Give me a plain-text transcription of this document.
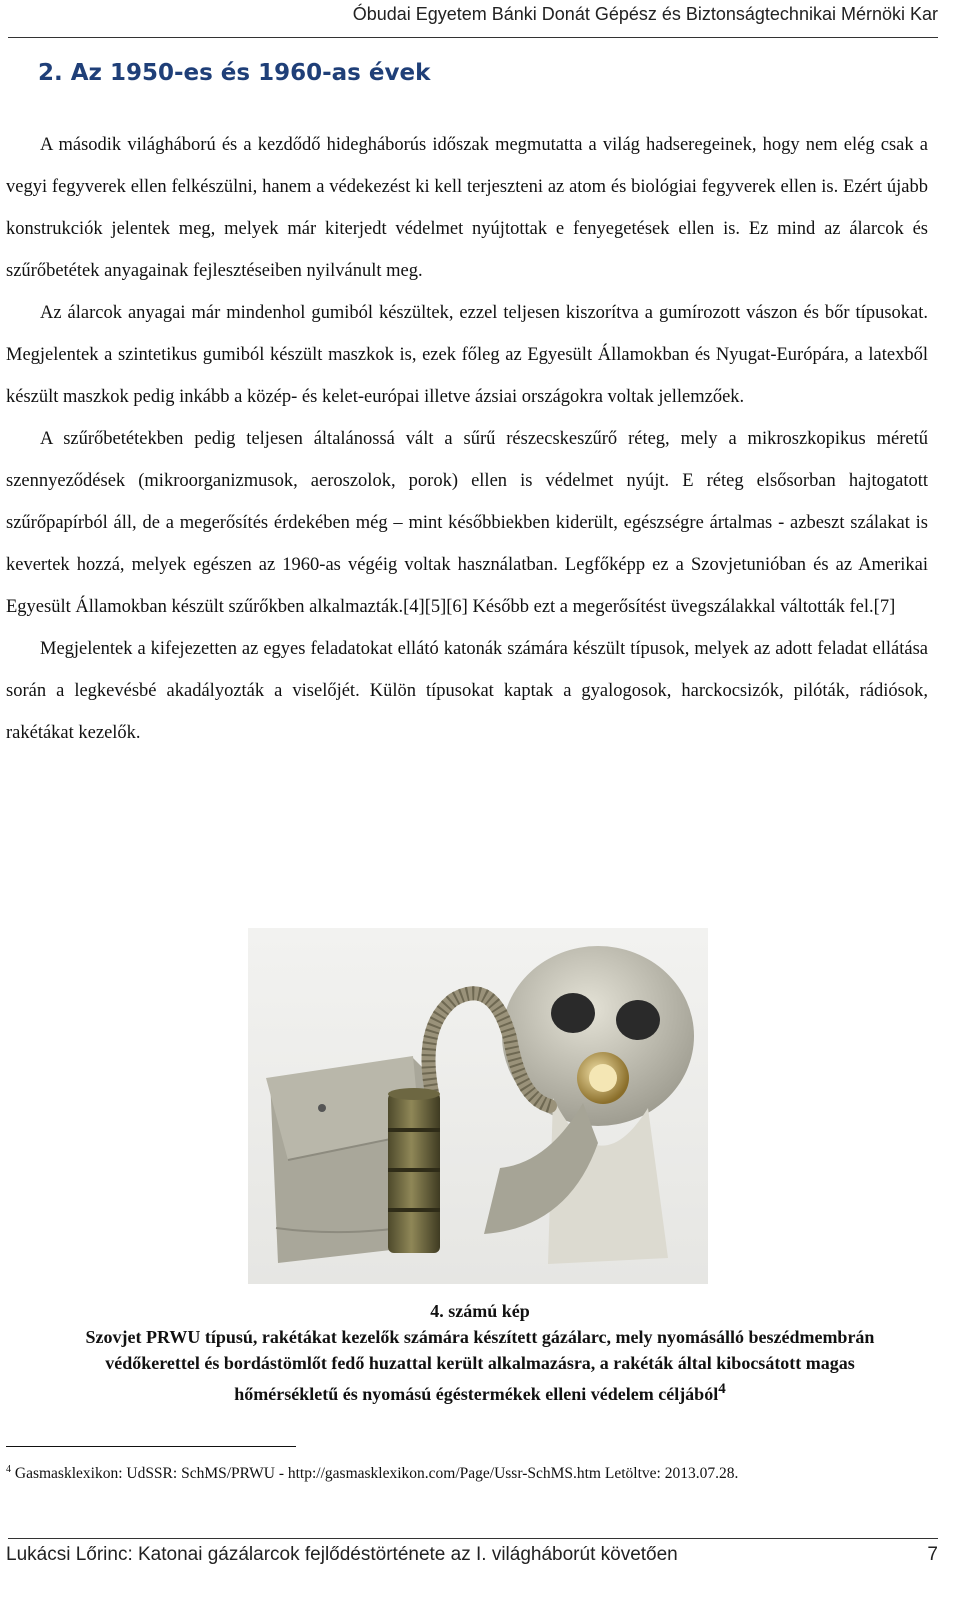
Óbudai Egyetem Bánki Donát Gépész és Biztonságtechnikai Mérnöki Kar
2. Az 1950-es és 1960-as évek

A második világháború és a kezdődő hidegháborús időszak megmutatta a világ hadseregeinek, hogy nem elég csak a vegyi fegyverek ellen felkészülni, hanem a védekezést ki kell terjeszteni az atom és biológiai fegyverek ellen is. Ezért újabb konstrukciók jelentek meg, melyek már kiterjedt védelmet nyújtottak e fenyegetések ellen is. Ez mind az álarcok és szűrőbetétek anyagainak fejlesztéseiben nyilvánult meg.

Az álarcok anyagai már mindenhol gumiból készültek, ezzel teljesen kiszorítva a gumírozott vászon és bőr típusokat. Megjelentek a szintetikus gumiból készült maszkok is, ezek főleg az Egyesült Államokban és Nyugat-Európára, a latexből készült maszkok pedig inkább a közép- és kelet-európai illetve ázsiai országokra voltak jellemzőek.

A szűrőbetétekben pedig teljesen általánossá vált a sűrű részecskeszűrő réteg, mely a mikroszkopikus méretű szennyeződések (mikroorganizmusok, aeroszolok, porok) ellen is védelmet nyújt. E réteg elsősorban hajtogatott szűrőpapírból áll, de a megerősítés érdekében még – mint későbbiekben kiderült, egészségre ártalmas - azbeszt szálakat is kevertek hozzá, melyek egészen az 1960-as végéig voltak használatban. Legfőképp ez a Szovjetunióban és az Amerikai Egyesült Államokban készült szűrőkben alkalmazták.[4][5][6] Később ezt a megerősítést üvegszálakkal váltották fel.[7]

Megjelentek a kifejezetten az egyes feladatokat ellátó katonák számára készült típusok, melyek az adott feladat ellátása során a legkevésbé akadályozták a viselőjét. Külön típusokat kaptak a gyalogosok, harckocsizók, pilóták, rádiósok, rakétákat kezelők.

4. számú kép
Szovjet PRWU típusú, rakétákat kezelők számára készített gázálarc, mely nyomásálló beszédmembrán védőkerettel és bordástömlőt fedő huzattal került alkalmazásra, a rakéták által kibocsátott magas hőmérsékletű és nyomású égéstermékek elleni védelem céljából$^4$
$^4$ Gasmasklexikon: UdSSR: SchMS/PRWU - http://gasmasklexikon.com/Page/Ussr-SchMS.htm Letöltve: 2013.07.28.
Lukácsi Lőrinc: Katonai gázálarcok fejlődéstörténete az I. világháborút követően	7
